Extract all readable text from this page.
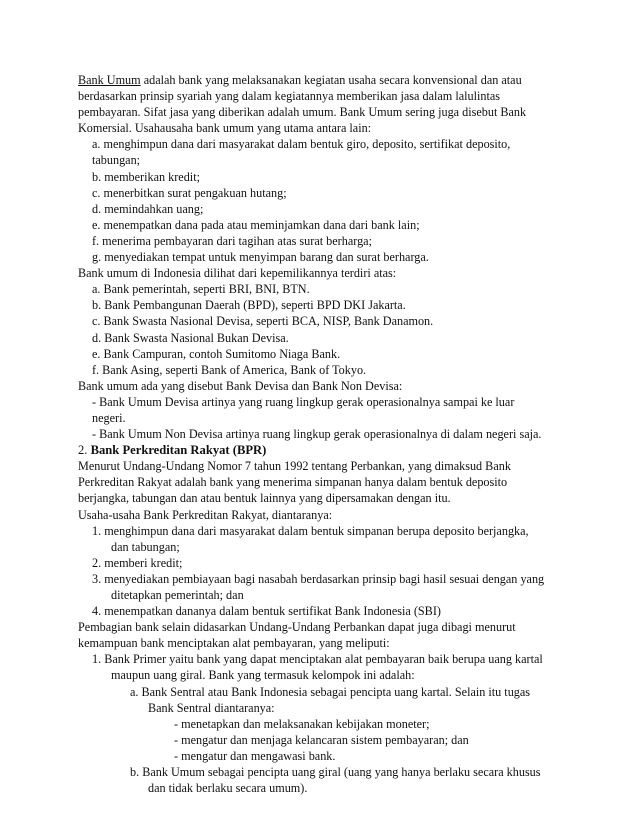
Bank Umum adalah bank yang melaksanakan kegiatan usaha secara konvensional dan atau
berdasarkan prinsip syariah yang dalam kegiatannya memberikan jasa dalam lalulintas
pembayaran. Sifat jasa yang diberikan adalah umum. Bank Umum sering juga disebut Bank
Komersial. Usahausaha bank umum yang utama antara lain:
a. menghimpun dana dari masyarakat dalam bentuk giro, deposito, sertifikat deposito,
tabungan;
b. memberikan kredit;
c. menerbitkan surat pengakuan hutang;
d. memindahkan uang;
e. menempatkan dana pada atau meminjamkan dana dari bank lain;
f. menerima pembayaran dari tagihan atas surat berharga;
g. menyediakan tempat untuk menyimpan barang dan surat berharga.
Bank umum di Indonesia dilihat dari kepemilikannya terdiri atas:
a. Bank pemerintah, seperti BRI, BNI, BTN.
b. Bank Pembangunan Daerah (BPD), seperti BPD DKI Jakarta.
c. Bank Swasta Nasional Devisa, seperti BCA, NISP, Bank Danamon.
d. Bank Swasta Nasional Bukan Devisa.
e. Bank Campuran, contoh Sumitomo Niaga Bank.
f. Bank Asing, seperti Bank of America, Bank of Tokyo.
Bank umum ada yang disebut Bank Devisa dan Bank Non Devisa:
- Bank Umum Devisa artinya yang ruang lingkup gerak operasionalnya sampai ke luar
negeri.
- Bank Umum Non Devisa artinya ruang lingkup gerak operasionalnya di dalam negeri saja.
2. Bank Perkreditan Rakyat (BPR)
Menurut Undang-Undang Nomor 7 tahun 1992 tentang Perbankan, yang dimaksud Bank
Perkreditan Rakyat adalah bank yang menerima simpanan hanya dalam bentuk deposito
berjangka, tabungan dan atau bentuk lainnya yang dipersamakan dengan itu.
Usaha-usaha Bank Perkreditan Rakyat, diantaranya:
1. menghimpun dana dari masyarakat dalam bentuk simpanan berupa deposito berjangka,
dan tabungan;
2. memberi kredit;
3. menyediakan pembiayaan bagi nasabah berdasarkan prinsip bagi hasil sesuai dengan yang
ditetapkan pemerintah; dan
4. menempatkan dananya dalam bentuk sertifikat Bank Indonesia (SBI)
Pembagian bank selain didasarkan Undang-Undang Perbankan dapat juga dibagi menurut
kemampuan bank menciptakan alat pembayaran, yang meliputi:
1. Bank Primer yaitu bank yang dapat menciptakan alat pembayaran baik berupa uang kartal
maupun uang giral. Bank yang termasuk kelompok ini adalah:
a. Bank Sentral atau Bank Indonesia sebagai pencipta uang kartal. Selain itu tugas
Bank Sentral diantaranya:
- menetapkan dan melaksanakan kebijakan moneter;
- mengatur dan menjaga kelancaran sistem pembayaran; dan
- mengatur dan mengawasi bank.
b. Bank Umum sebagai pencipta uang giral (uang yang hanya berlaku secara khusus
dan tidak berlaku secara umum).
